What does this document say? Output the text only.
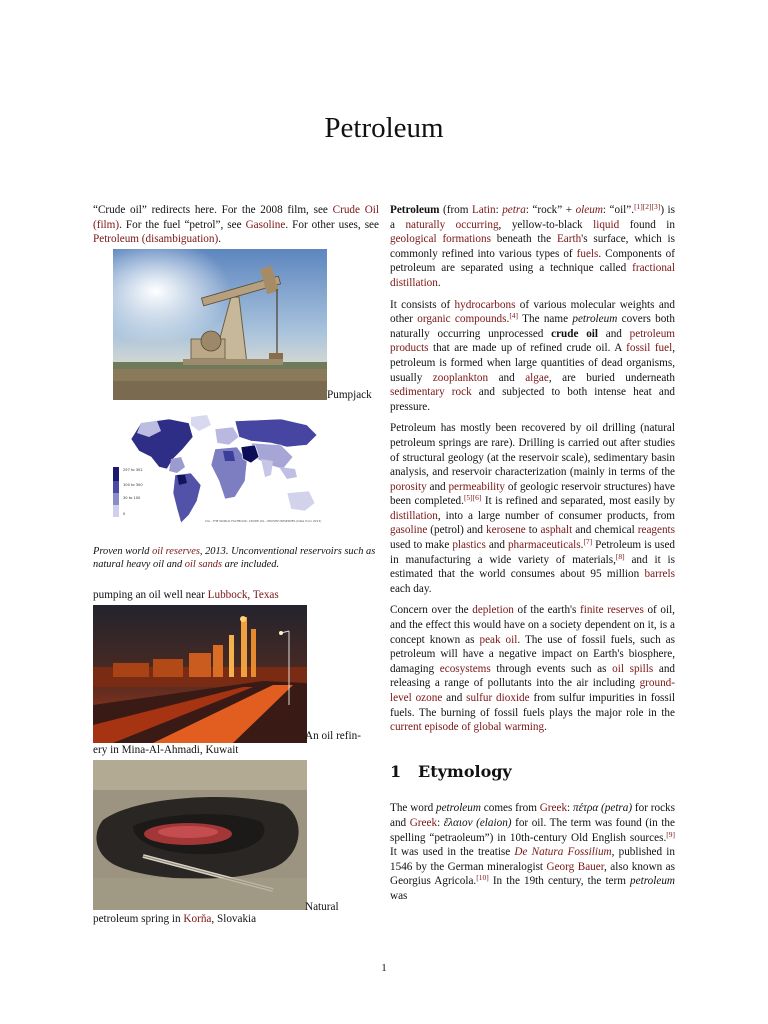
Petroleum

“Crude oil” redirects here. For the 2008 film, see Crude Oil (film). For the fuel “petrol”, see Gasoline. For other uses, see Petroleum (disambiguation).

Pumpjack
297 to 302
100 to 300
30 to 100
0
CIA - THE WORLD FACTBOOK: CRUDE OIL - PROVED RESERVES (Data from 2013)

Proven world oil reserves, 2013. Unconventional reservoirs such as natural heavy oil and oil sands are included.

pumping an oil well near Lubbock, Texas

An oil refin-

ery in Mina-Al-Ahmadi, Kuwait

Natural

petroleum spring in Korňa, Slovakia

Petroleum (from Latin: petra: “rock” + oleum: “oil”.[1][2][3]) is a naturally occurring, yellow-to-black liquid found in geological formations beneath the Earth's surface, which is commonly refined into various types of fuels. Components of petroleum are separated using a technique called fractional distillation.

It consists of hydrocarbons of various molecular weights and other organic compounds.[4] The name petroleum covers both naturally occurring unprocessed crude oil and petroleum products that are made up of refined crude oil. A fossil fuel, petroleum is formed when large quantities of dead organisms, usually zooplankton and algae, are buried underneath sedimentary rock and subjected to both intense heat and pressure.

Petroleum has mostly been recovered by oil drilling (natural petroleum springs are rare). Drilling is carried out after studies of structural geology (at the reservoir scale), sedimentary basin analysis, and reservoir characterization (mainly in terms of the porosity and permeability of geologic reservoir structures) have been completed.[5][6] It is refined and separated, most easily by distillation, into a large number of consumer products, from gasoline (petrol) and kerosene to asphalt and chemical reagents used to make plastics and pharmaceuticals.[7] Petroleum is used in manufacturing a wide variety of materials,[8] and it is estimated that the world consumes about 95 million barrels each day.

Concern over the depletion of the earth's finite reserves of oil, and the effect this would have on a society dependent on it, is a concept known as peak oil. The use of fossil fuels, such as petroleum will have a negative impact on Earth's biosphere, damaging ecosystems through events such as oil spills and releasing a range of pollutants into the air including ground-level ozone and sulfur dioxide from sulfur impurities in fossil fuels. The burning of fossil fuels plays the major role in the current episode of global warming.

1 Etymology

The word petroleum comes from Greek: πέτρα (petra) for rocks and Greek: ἔλαιον (elaion) for oil. The term was found (in the spelling “petraoleum”) in 10th-century Old English sources.[9] It was used in the treatise De Natura Fossilium, published in 1546 by the German mineralogist Georg Bauer, also known as Georgius Agricola.[10] In the 19th century, the term petroleum was

1
